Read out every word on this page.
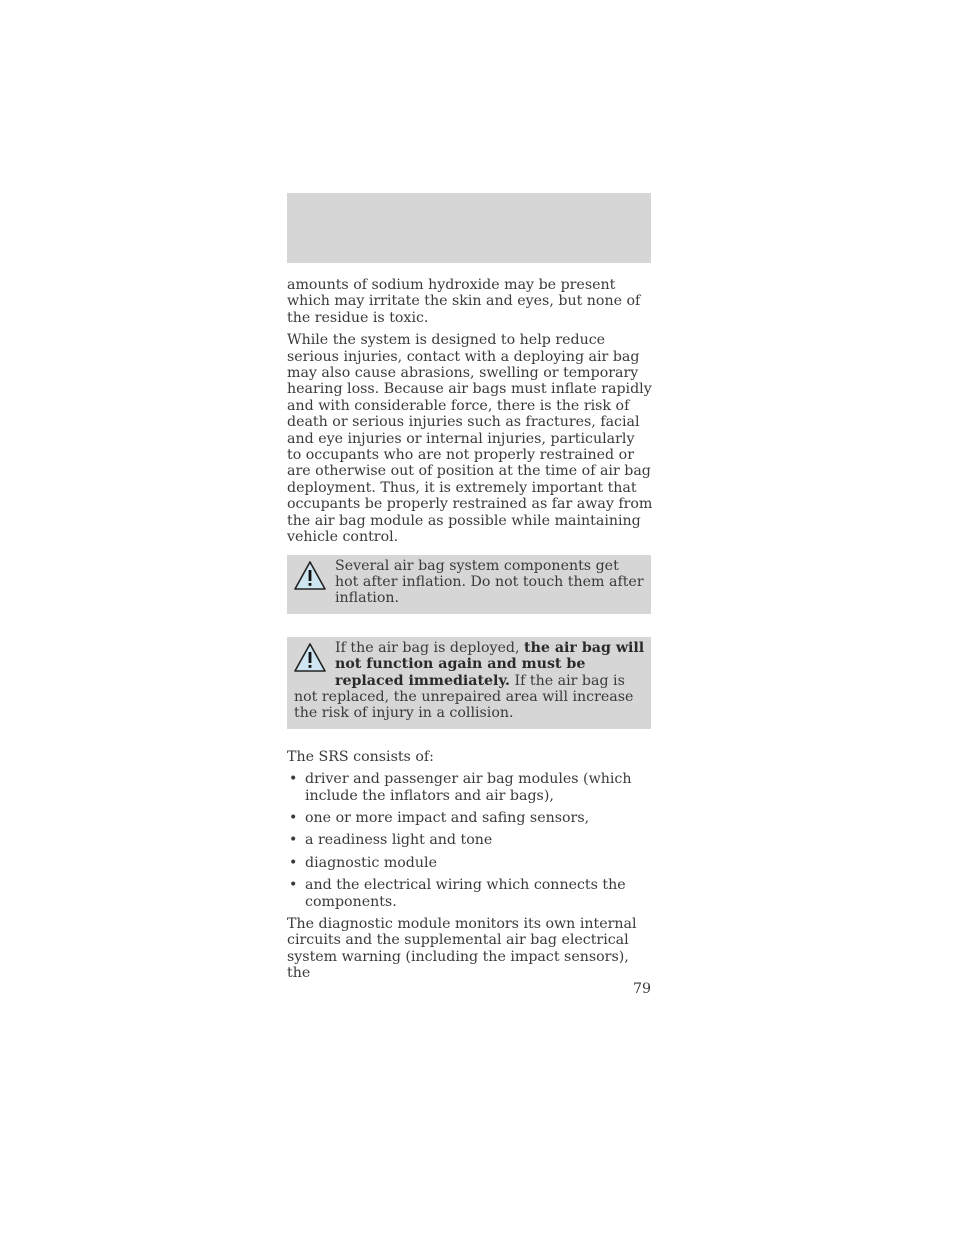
amounts of sodium hydroxide may be present which may irritate the skin and eyes, but none of the residue is toxic.

While the system is designed to help reduce serious injuries, contact with a deploying air bag may also cause abrasions, swelling or temporary hearing loss. Because air bags must inflate rapidly and with considerable force, there is the risk of death or serious injuries such as fractures, facial and eye injuries or internal injuries, particularly to occupants who are not properly restrained or are otherwise out of position at the time of air bag deployment. Thus, it is extremely important that occupants be properly restrained as far away from the air bag module as possible while maintaining vehicle control.

Several air bag system components get hot after inflation. Do not touch them after inflation.
If the air bag is deployed, the air bag will not function again and must be replaced immediately. If the air bag is not replaced, the unrepaired area will increase the risk of injury in a collision.

The SRS consists of:

• driver and passenger air bag modules (which include the inflators and air bags),
• one or more impact and safing sensors,
• a readiness light and tone
• diagnostic module
• and the electrical wiring which connects the components.

The diagnostic module monitors its own internal circuits and the supplemental air bag electrical system warning (including the impact sensors), the

79
